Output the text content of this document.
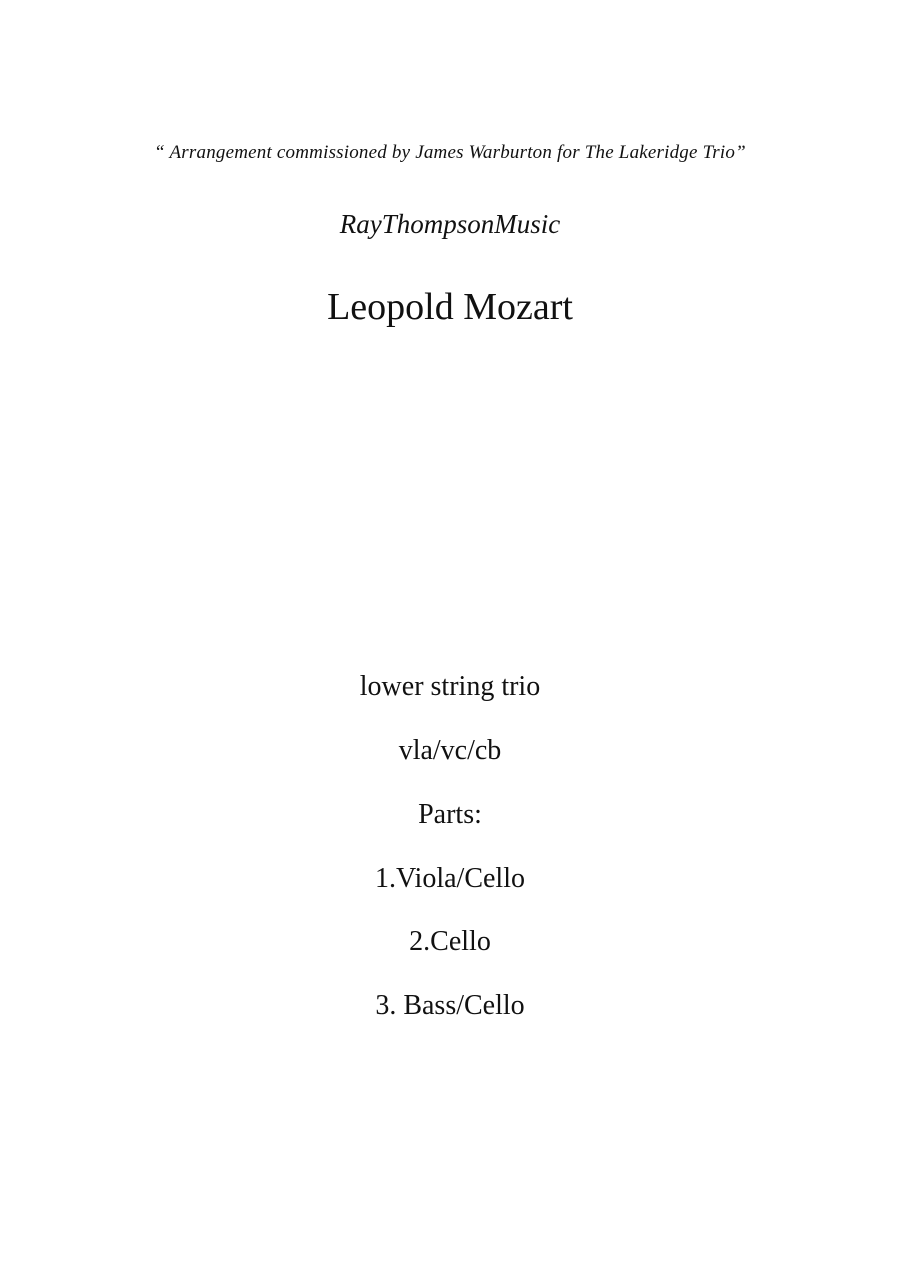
“ Arrangement commissioned by James Warburton for The Lakeridge Trio”
RayThompsonMusic
Leopold Mozart
lower string trio
vla/vc/cb
Parts:
1.Viola/Cello
2.Cello
3. Bass/Cello
